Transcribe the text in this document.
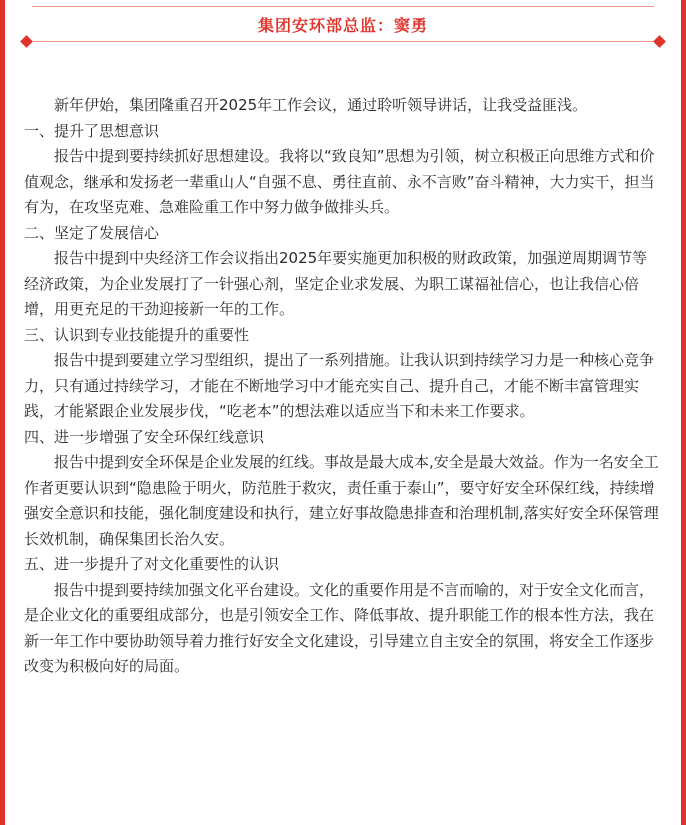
集团安环部总监：窦勇

新年伊始，集团隆重召开2025年工作会议，通过聆听领导讲话，让我受益匪浅。

一、提升了思想意识

报告中提到要持续抓好思想建设。我将以“致良知”思想为引领，树立积极正向思维方式和价值观念，继承和发扬老一辈重山人“自强不息、勇往直前、永不言败”奋斗精神，大力实干，担当有为，在攻坚克难、急难险重工作中努力做争做排头兵。

二、坚定了发展信心

报告中提到中央经济工作会议指出2025年要实施更加积极的财政政策，加强逆周期调节等经济政策，为企业发展打了一针强心剂，坚定企业求发展、为职工谋福祉信心，也让我信心倍增，用更充足的干劲迎接新一年的工作。

三、认识到专业技能提升的重要性

报告中提到要建立学习型组织，提出了一系列措施。让我认识到持续学习力是一种核心竞争力，只有通过持续学习，才能在不断地学习中才能充实自己、提升自己，才能不断丰富管理实践，才能紧跟企业发展步伐，“吃老本”的想法难以适应当下和未来工作要求。

四、进一步增强了安全环保红线意识

报告中提到安全环保是企业发展的红线。事故是最大成本,安全是最大效益。作为一名安全工作者更要认识到“隐患险于明火，防范胜于救灾，责任重于泰山”，要守好安全环保红线，持续增强安全意识和技能，强化制度建设和执行，建立好事故隐患排查和治理机制,落实好安全环保管理长效机制，确保集团长治久安。

五、进一步提升了对文化重要性的认识

报告中提到要持续加强文化平台建设。文化的重要作用是不言而喻的，对于安全文化而言，是企业文化的重要组成部分，也是引领安全工作、降低事故、提升职能工作的根本性方法，我在新一年工作中要协助领导着力推行好安全文化建设，引导建立自主安全的氛围，将安全工作逐步改变为积极向好的局面。
